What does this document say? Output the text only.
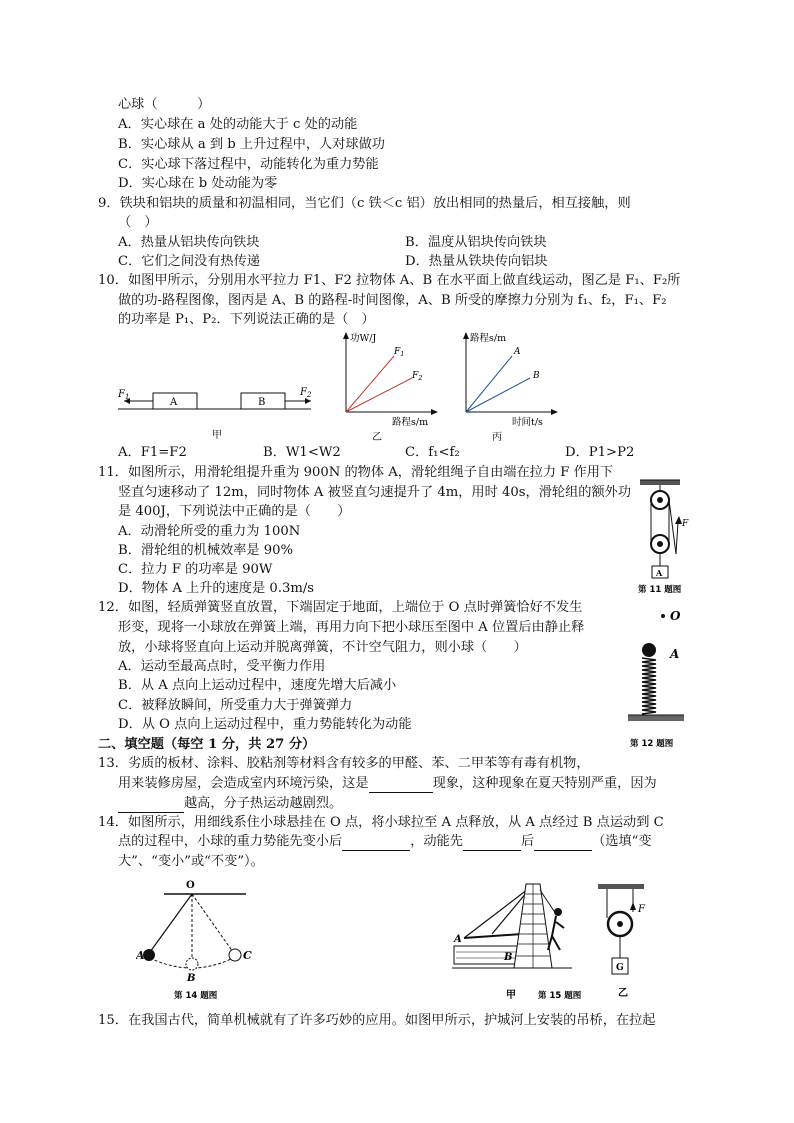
心球（　　　）
A．实心球在 a 处的动能大于 c 处的动能
B．实心球从 a 到 b 上升过程中，人对球做功
C．实心球下落过程中，动能转化为重力势能
D．实心球在 b 处动能为零
9．铁块和铝块的质量和初温相同，当它们（c 铁＜c 铝）放出相同的热量后，相互接触，则
（　）
A．热量从铝块传向铁块	B．温度从铝块传向铁块
C．它们之间没有热传递	D．热量从铁块传向铝块
10．如图甲所示，分别用水平拉力 F1、F2 拉物体 A、B 在水平面上做直线运动，图乙是 F₁、F₂所
做的功-路程图像，图丙是 A、B 的路程-时间图像，A、B 所受的摩擦力分别为 f₁、f₂，F₁、F₂
的功率是 P₁、P₂．下列说法正确的是（　）
$F_1$	A	B
$F_2$
甲
功W/J
$F_1$
$F_2$
路程s/m
乙
路程s/m
A
B
时间t/s
丙
A．F1=F2	B．W1<W2	C．f₁<f₂	D．P1>P2
11．如图所示，用滑轮组提升重为 900N 的物体 A，滑轮组绳子自由端在拉力 F 作用下
竖直匀速移动了 12m，同时物体 A 被竖直匀速提升了 4m，用时 40s，滑轮组的额外功
是 400J，下列说法中正确的是（　　）
A．动滑轮所受的重力为 100N
B．滑轮组的机械效率是 90%
C．拉力 F 的功率是 90W
D．物体 A 上升的速度是 0.3m/s
F
A
第 11 题图
12．如图，轻质弹簧竖直放置，下端固定于地面，上端位于 O 点时弹簧恰好不发生
形变，现将一小球放在弹簧上端，再用力向下把小球压至图中 A 位置后由静止释
放，小球将竖直向上运动并脱离弹簧，不计空气阻力，则小球（　　）
A．运动至最高点时，受平衡力作用
B．从 A 点向上运动过程中，速度先增大后减小
C．被释放瞬间，所受重力大于弹簧弹力
D．从 O 点向上运动过程中，重力势能转化为动能
O
A
第 12 题图
二、填空题（每空 1 分，共 27 分）
13．劣质的板材、涂料、胶粘剂等材料含有较多的甲醛、苯、二甲苯等有毒有机物，
用来装修房屋，会造成室内环境污染，这是	现象，这种现象在夏天特别严重，因为
越高，分子热运动越剧烈。
14．如图所示，用细线系住小球悬挂在 O 点，将小球拉至 A 点释放，从 A 点经过 B 点运动到 C
点的过程中，小球的重力势能先变小后	，动能先	后	（选填“变
大”、“变小”或“不变”）。
O
A
B
C
第 14 题图
A
B
甲	第 15 题图
F
G
乙
15．在我国古代，简单机械就有了许多巧妙的应用。如图甲所示，护城河上安装的吊桥，在拉起
